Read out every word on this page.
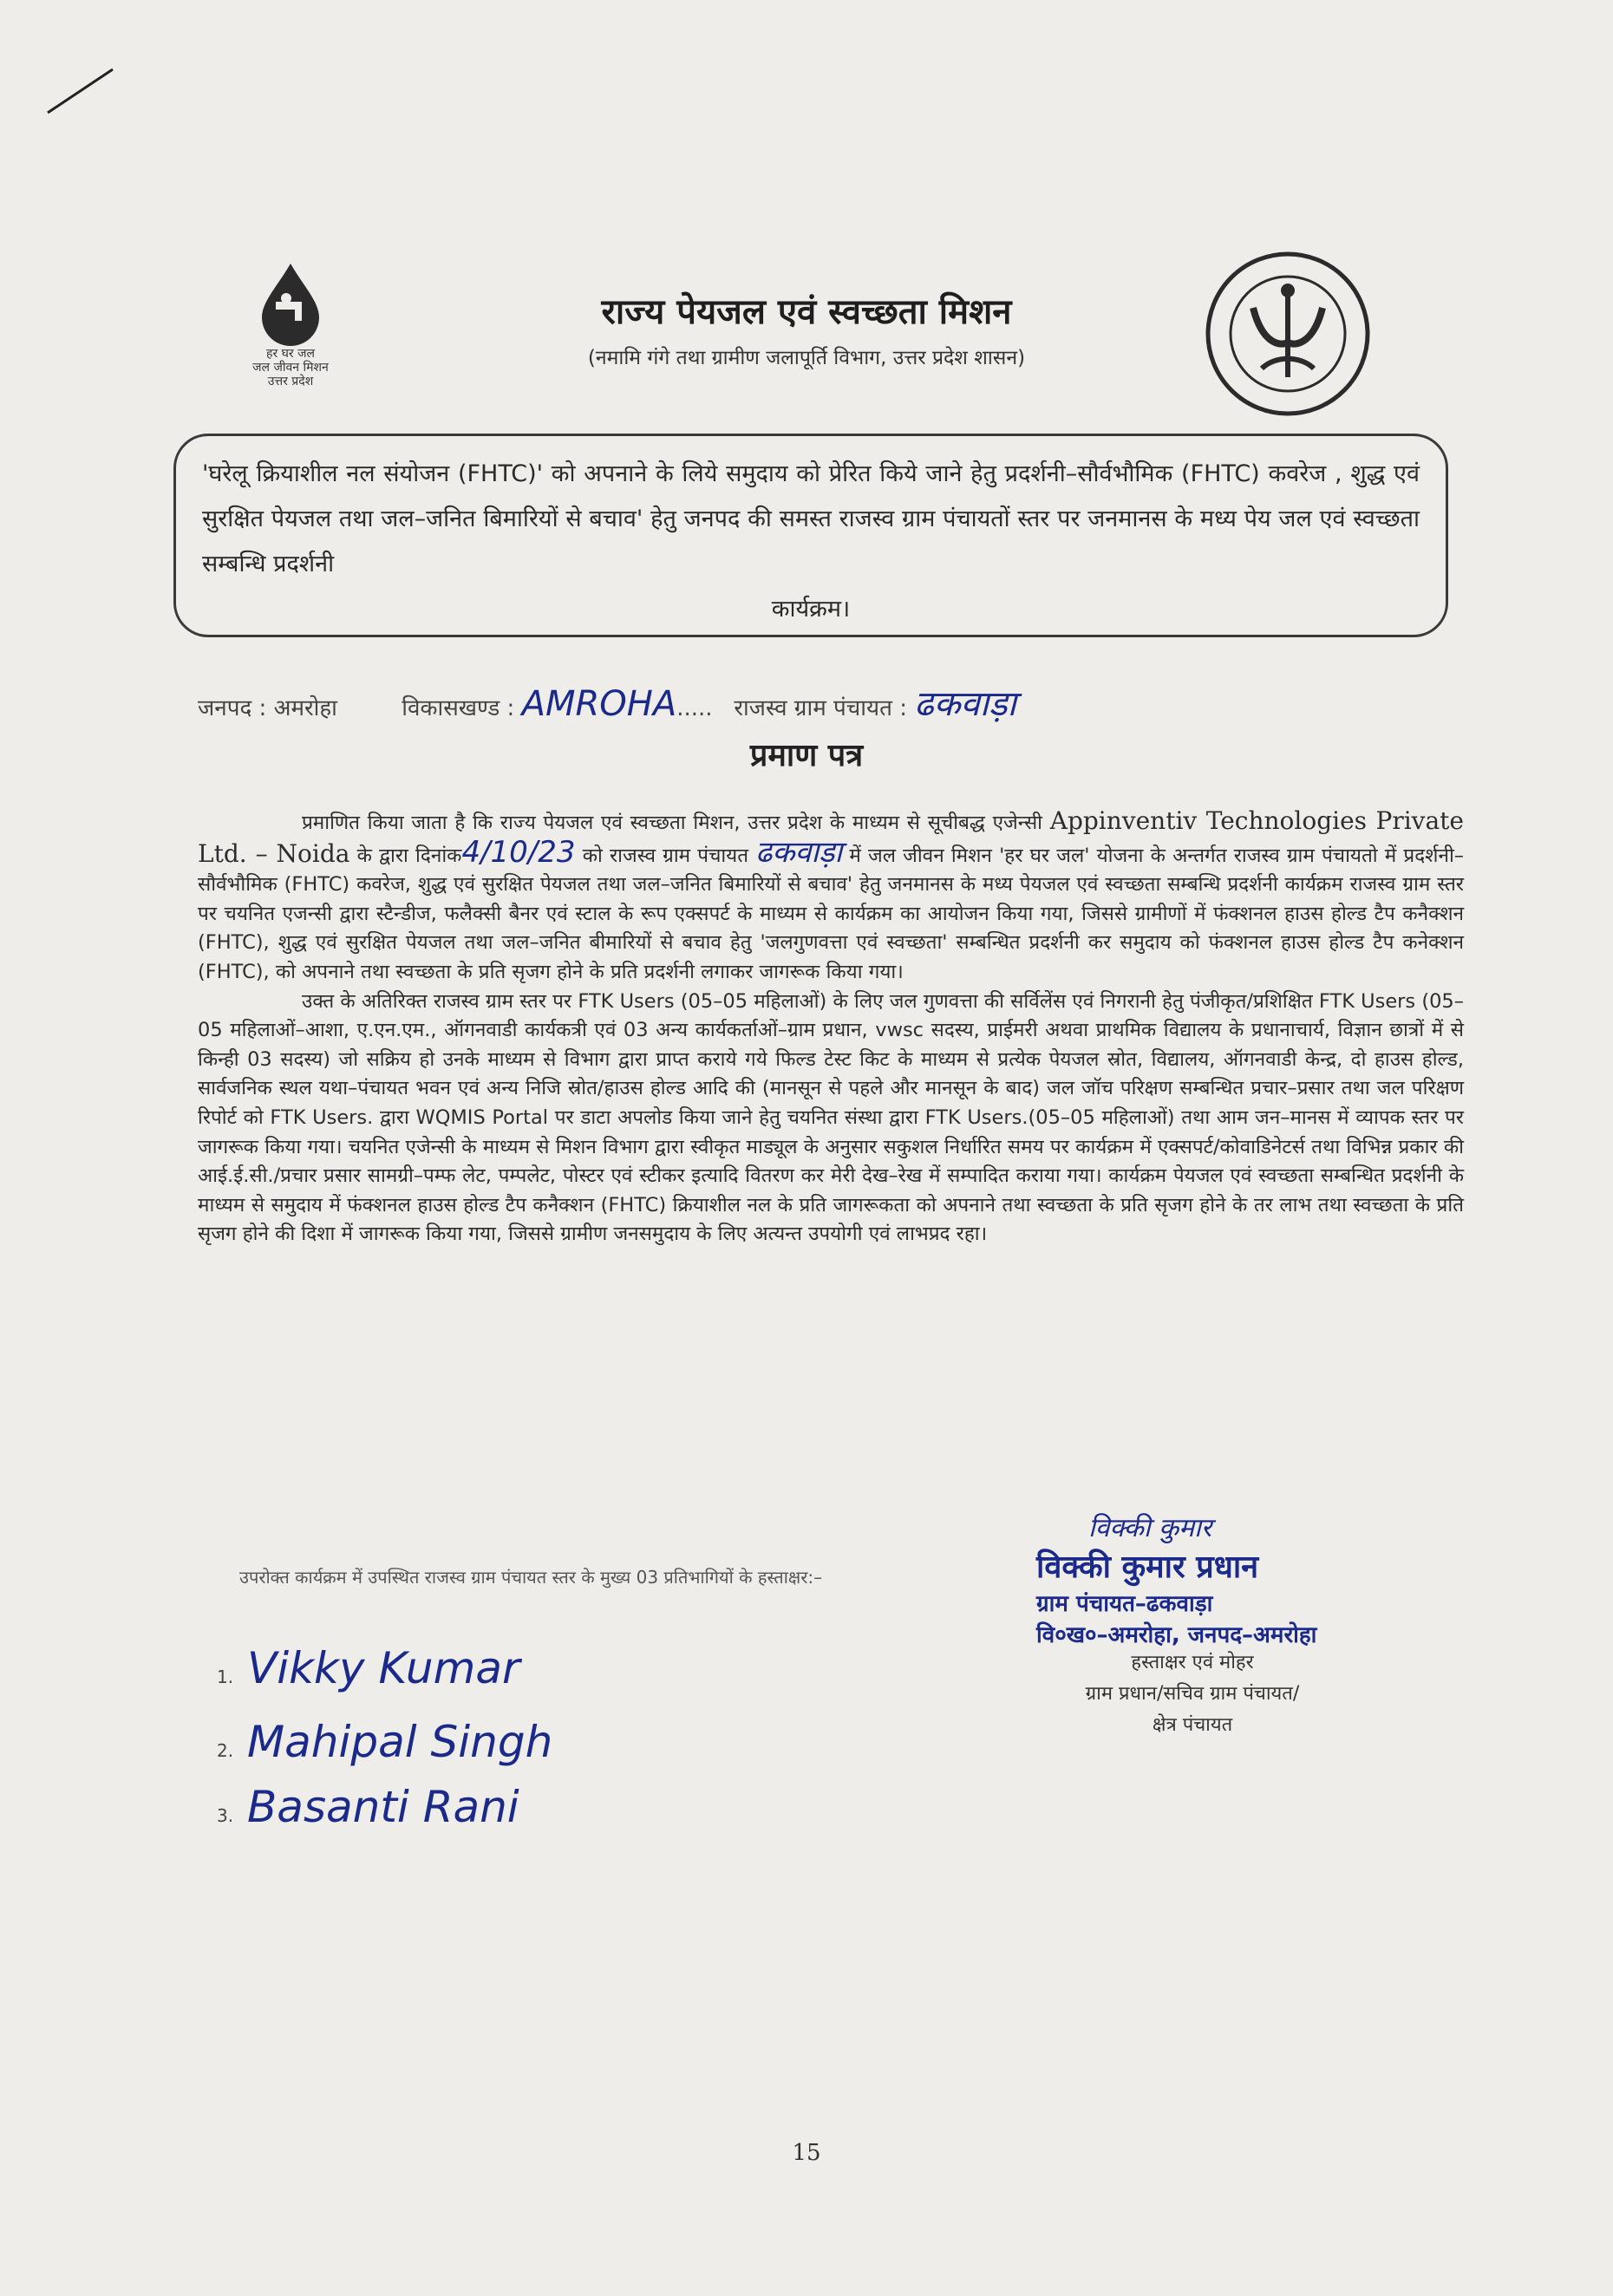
हर घर जल
जल जीवन मिशन
उत्तर प्रदेश
राज्य पेयजल एवं स्वच्छता मिशन
(नमामि गंगे तथा ग्रामीण जलापूर्ति विभाग, उत्तर प्रदेश शासन)
'घरेलू क्रियाशील नल संयोजन (FHTC)' को अपनाने के लिये समुदाय को प्रेरित किये जाने हेतु प्रदर्शनी–सौर्वभौमिक (FHTC) कवरेज , शुद्ध एवं सुरक्षित पेयजल तथा जल–जनित बिमारियों से बचाव' हेतु जनपद की समस्त राजस्व ग्राम पंचायतों स्तर पर जनमानस के मध्य पेय जल एवं स्वच्छता सम्बन्धि प्रदर्शनी
कार्यक्रम।
जनपद : अमरोहा	विकासखण्ड : AMROHA..... राजस्व ग्राम पंचायत : ढकवाड़ा
प्रमाण पत्र

प्रमाणित किया जाता है कि राज्य पेयजल एवं स्वच्छता मिशन, उत्तर प्रदेश के माध्यम से सूचीबद्ध एजेन्सी Appinventiv Technologies Private Ltd. – Noida के द्वारा दिनांक4/10/23 को राजस्व ग्राम पंचायत ढकवाड़ा में जल जीवन मिशन 'हर घर जल' योजना के अन्तर्गत राजस्व ग्राम पंचायतो में प्रदर्शनी–सौर्वभौमिक (FHTC) कवरेज, शुद्ध एवं सुरक्षित पेयजल तथा जल–जनित बिमारियों से बचाव' हेतु जनमानस के मध्य पेयजल एवं स्वच्छता सम्बन्धि प्रदर्शनी कार्यक्रम राजस्व ग्राम स्तर पर चयनित एजन्सी द्वारा स्टैन्डीज, फलैक्सी बैनर एवं स्टाल के रूप एक्सपर्ट के माध्यम से कार्यक्रम का आयोजन किया गया, जिससे ग्रामीणों में फंक्शनल हाउस होल्ड टैप कनैक्शन (FHTC), शुद्ध एवं सुरक्षित पेयजल तथा जल–जनित बीमारियों से बचाव हेतु 'जलगुणवत्ता एवं स्वच्छता' सम्बन्धित प्रदर्शनी कर समुदाय को फंक्शनल हाउस होल्ड टैप कनेक्शन (FHTC), को अपनाने तथा स्वच्छता के प्रति सृजग होने के प्रति प्रदर्शनी लगाकर जागरूक किया गया।

उक्त के अतिरिक्त राजस्व ग्राम स्तर पर FTK Users (05–05 महिलाओं) के लिए जल गुणवत्ता की सर्विलेंस एवं निगरानी हेतु पंजीकृत/प्रशिक्षित FTK Users (05–05 महिलाओं–आशा, ए.एन.एम., ऑगनवाडी कार्यकत्री एवं 03 अन्य कार्यकर्ताओं–ग्राम प्रधान, vwsc सदस्य, प्राईमरी अथवा प्राथमिक विद्यालय के प्रधानाचार्य, विज्ञान छात्रों में से किन्ही 03 सदस्य) जो सक्रिय हो उनके माध्यम से विभाग द्वारा प्राप्त कराये गये फिल्ड टेस्ट किट के माध्यम से प्रत्येक पेयजल स्रोत, विद्यालय, ऑगनवाडी केन्द्र, दो हाउस होल्ड, सार्वजनिक स्थल यथा–पंचायत भवन एवं अन्य निजि स्रोत/हाउस होल्ड आदि की (मानसून से पहले और मानसून के बाद) जल जॉच परिक्षण सम्बन्धित प्रचार–प्रसार तथा जल परिक्षण रिपोर्ट को FTK Users. द्वारा WQMIS Portal पर डाटा अपलोड किया जाने हेतु चयनित संस्था द्वारा FTK Users.(05–05 महिलाओं) तथा आम जन–मानस में व्यापक स्तर पर जागरूक किया गया। चयनित एजेन्सी के माध्यम से मिशन विभाग द्वारा स्वीकृत माड्यूल के अनुसार सकुशल निर्धारित समय पर कार्यक्रम में एक्सपर्ट/कोवाडिनेटर्स तथा विभिन्न प्रकार की आई.ई.सी./प्रचार प्रसार सामग्री–पम्फ लेट, पम्पलेट, पोस्टर एवं स्टीकर इत्यादि वितरण कर मेरी देख–रेख में सम्पादित कराया गया। कार्यक्रम पेयजल एवं स्वच्छता सम्बन्धित प्रदर्शनी के माध्यम से समुदाय में फंक्शनल हाउस होल्ड टैप कनैक्शन (FHTC) क्रियाशील नल के प्रति जागरूकता को अपनाने तथा स्वच्छता के प्रति सृजग होने के तर लाभ तथा स्वच्छता के प्रति सृजग होने की दिशा में जागरूक किया गया, जिससे ग्रामीण जनसमुदाय के लिए अत्यन्त उपयोगी एवं लाभप्रद रहा।

उपरोक्त कार्यक्रम में उपस्थित राजस्व ग्राम पंचायत स्तर के मुख्य 03 प्रतिभागियों के हस्ताक्षर:–
विक्की कुमार
विक्की कुमार प्रधान
ग्राम पंचायत–ढकवाड़ा
वि०ख०–अमरोहा, जनपद–अमरोहा
हस्ताक्षर एवं मोहर
ग्राम प्रधान/सचिव ग्राम पंचायत/
क्षेत्र पंचायत
1. Vikky Kumar
2. Mahipal Singh
3. Basanti Rani
15
